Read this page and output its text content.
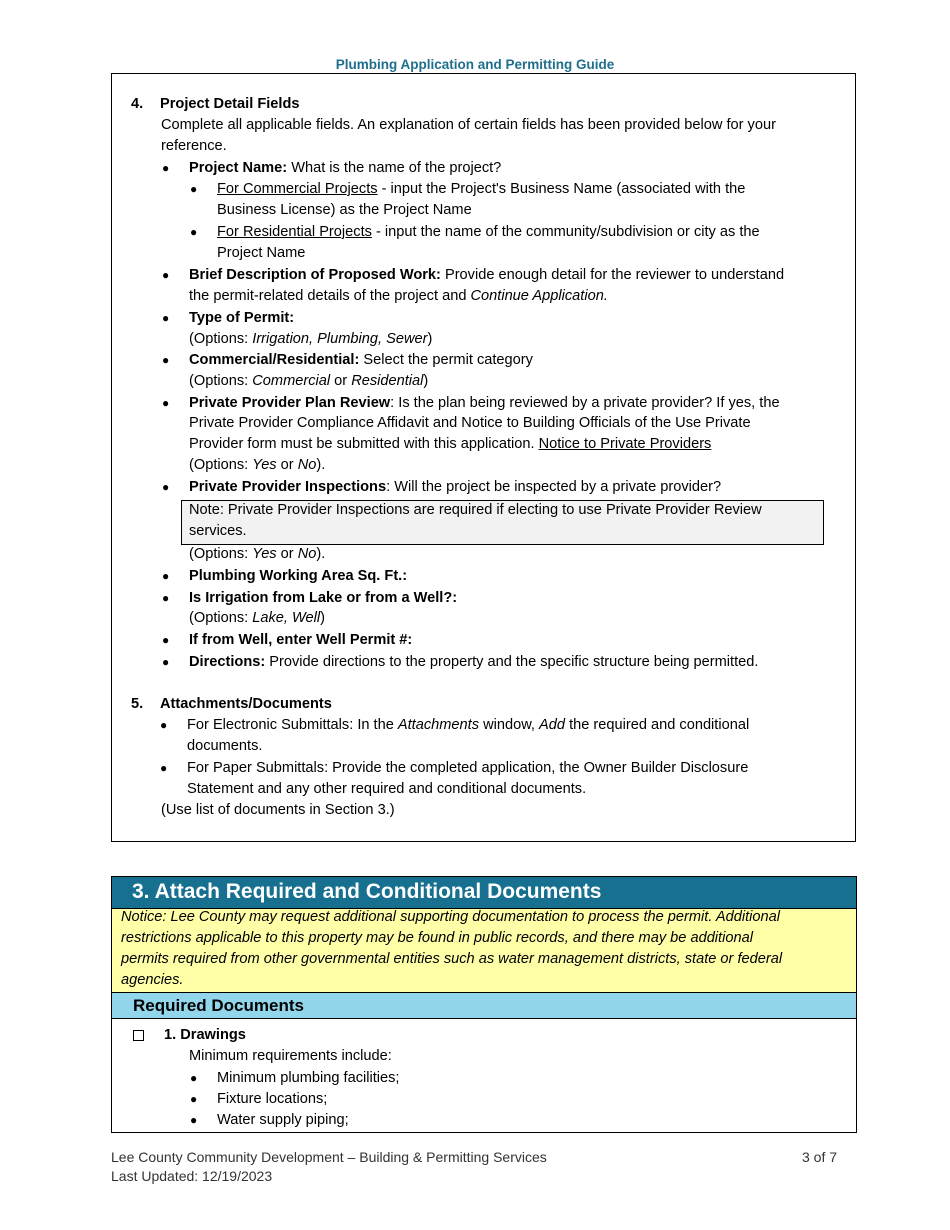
Plumbing Application and Permitting Guide
4. Project Detail Fields
Complete all applicable fields. An explanation of certain fields has been provided below for your
reference.
● Project Name: What is the name of the project?
● For Commercial Projects - input the Project's Business Name (associated with the
Business License) as the Project Name
● For Residential Projects - input the name of the community/subdivision or city as the
Project Name
● Brief Description of Proposed Work: Provide enough detail for the reviewer to understand
the permit-related details of the project and Continue Application.
● Type of Permit:
(Options: Irrigation, Plumbing, Sewer)
● Commercial/Residential: Select the permit category
(Options: Commercial or Residential)
● Private Provider Plan Review: Is the plan being reviewed by a private provider? If yes, the
Private Provider Compliance Affidavit and Notice to Building Officials of the Use Private
Provider form must be submitted with this application. Notice to Private Providers
(Options: Yes or No).
● Private Provider Inspections: Will the project be inspected by a private provider?
Note: Private Provider Inspections are required if electing to use Private Provider Review
services.
(Options: Yes or No).
● Plumbing Working Area Sq. Ft.:
● Is Irrigation from Lake or from a Well?:
(Options: Lake, Well)
● If from Well, enter Well Permit #:
● Directions: Provide directions to the property and the specific structure being permitted.
5. Attachments/Documents
● For Electronic Submittals: In the Attachments window, Add the required and conditional
documents.
● For Paper Submittals: Provide the completed application, the Owner Builder Disclosure
Statement and any other required and conditional documents.
(Use list of documents in Section 3.)
3. Attach Required and Conditional Documents
Notice: Lee County may request additional supporting documentation to process the permit. Additional
restrictions applicable to this property may be found in public records, and there may be additional
permits required from other governmental entities such as water management districts, state or federal
agencies.
Required Documents
1. Drawings
Minimum requirements include:
● Minimum plumbing facilities;
● Fixture locations;
● Water supply piping;
Lee County Community Development – Building & Permitting Services
Last Updated: 12/19/2023
3 of 7
